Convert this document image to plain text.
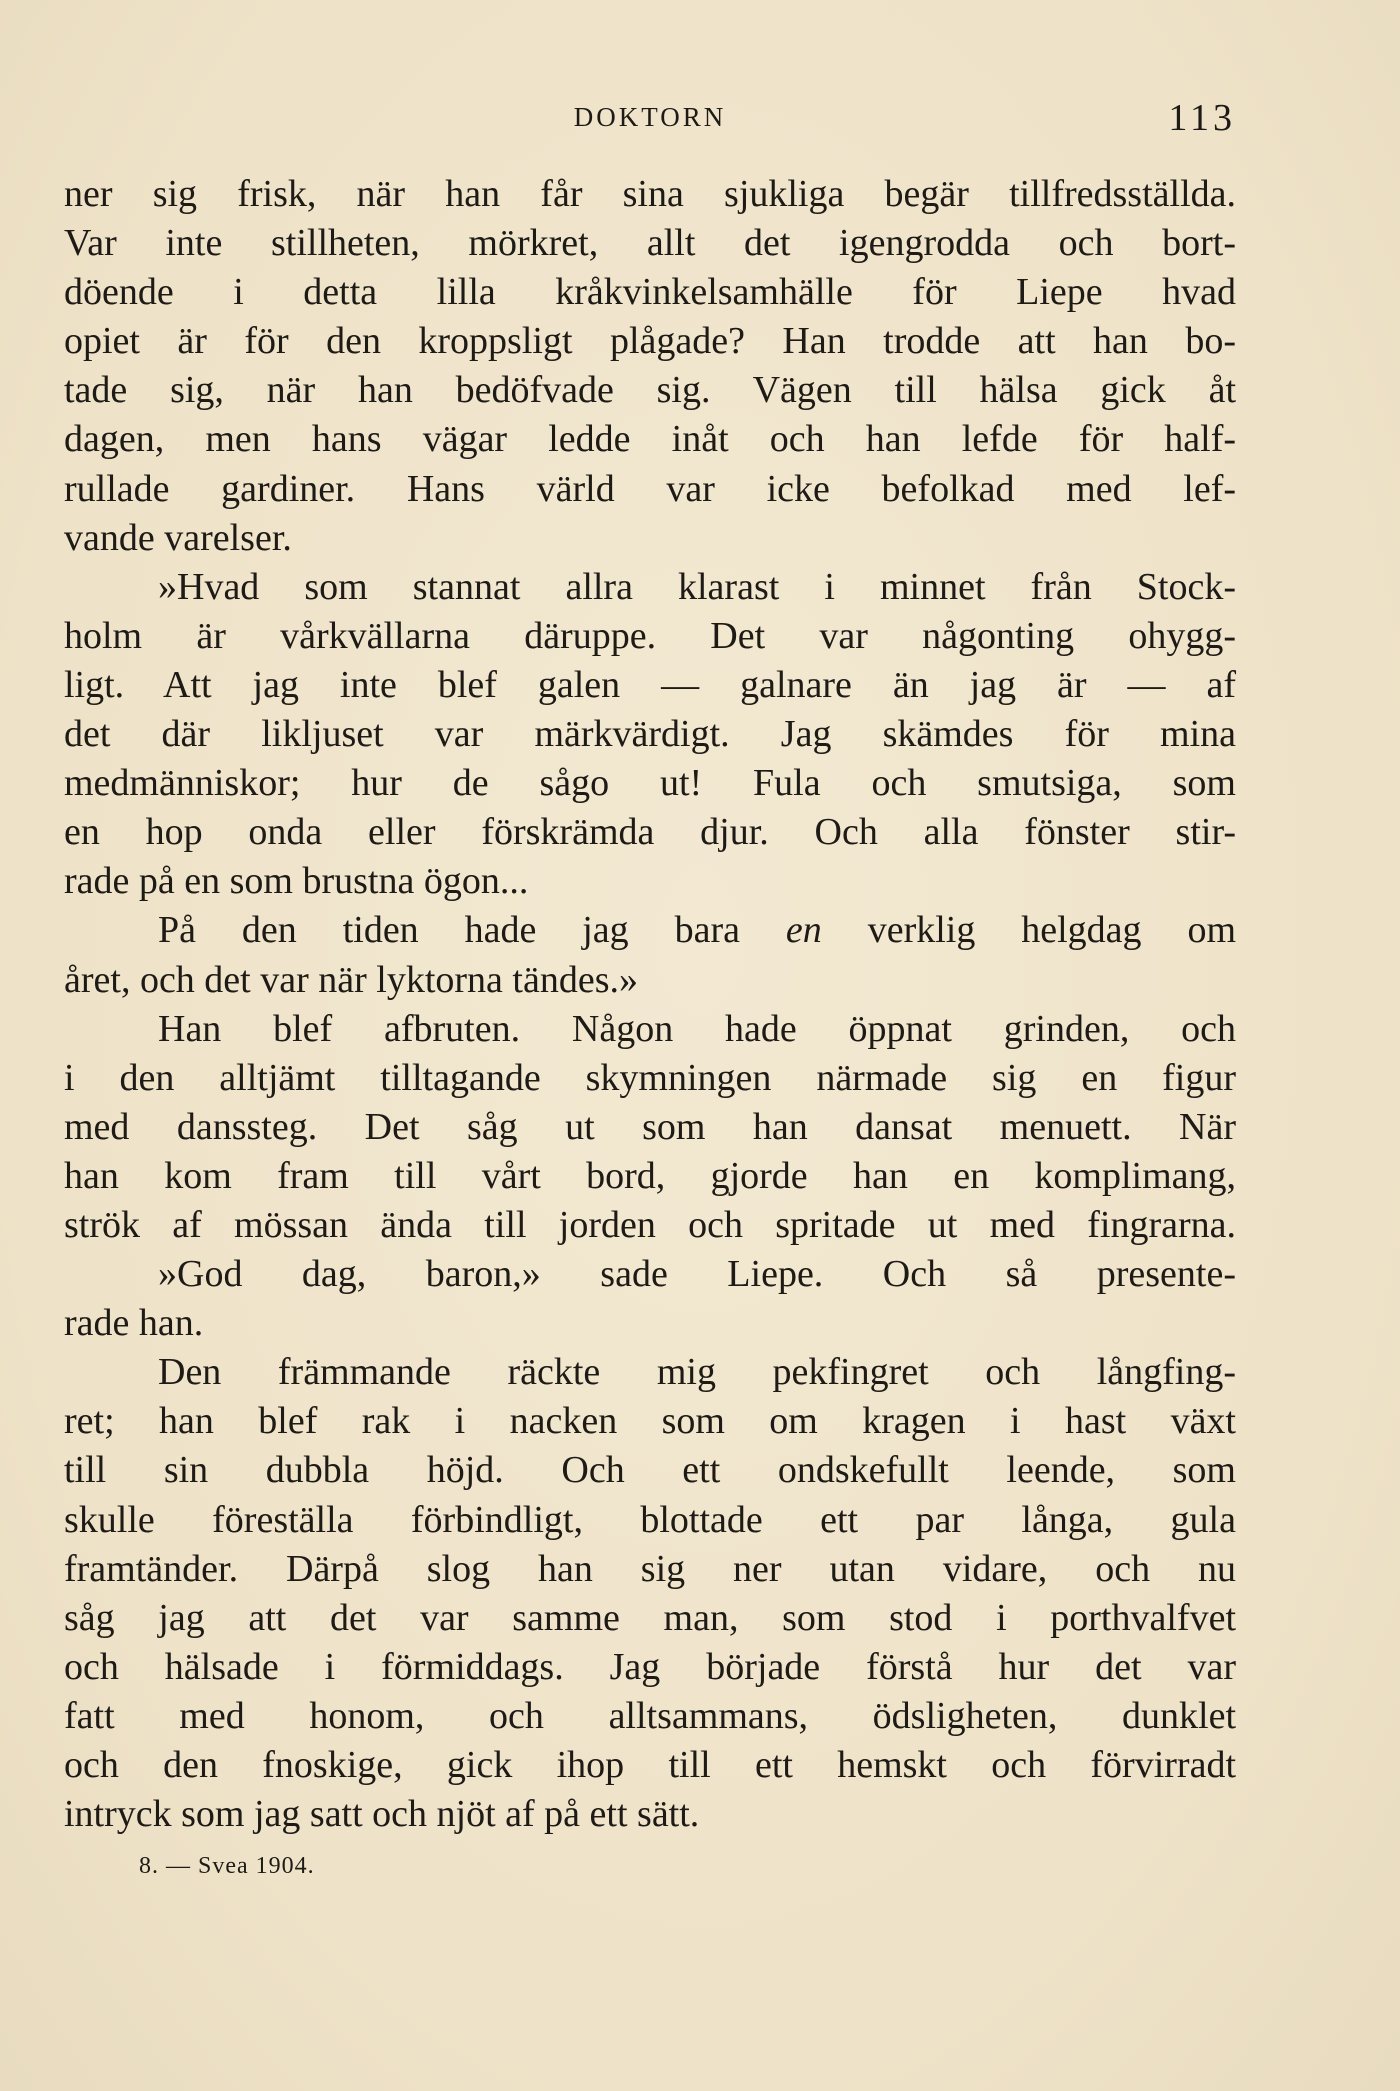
DOKTORN	113
ner sig frisk, när han får sina sjukliga begär tillfredsställda.
Var inte stillheten, mörkret, allt det igengrodda och bort-
döende i detta lilla kråkvinkelsamhälle för Liepe hvad
opiet är för den kroppsligt plågade? Han trodde att han bo-
tade sig, när han bedöfvade sig. Vägen till hälsa gick åt
dagen, men hans vägar ledde inåt och han lefde för half-
rullade gardiner. Hans värld var icke befolkad med lef-
vande varelser.
»Hvad som stannat allra klarast i minnet från Stock-
holm är vårkvällarna däruppe. Det var någonting ohygg-
ligt. Att jag inte blef galen — galnare än jag är — af
det där likljuset var märkvärdigt. Jag skämdes för mina
medmänniskor; hur de sågo ut! Fula och smutsiga, som
en hop onda eller förskrämda djur. Och alla fönster stir-
rade på en som brustna ögon...
På den tiden hade jag bara en verklig helgdag om
året, och det var när lyktorna tändes.»
Han blef afbruten. Någon hade öppnat grinden, och
i den alltjämt tilltagande skymningen närmade sig en figur
med danssteg. Det såg ut som han dansat menuett. När
han kom fram till vårt bord, gjorde han en komplimang,
strök af mössan ända till jorden och spritade ut med fingrarna.
»God dag, baron,» sade Liepe. Och så presente-
rade han.
Den främmande räckte mig pekfingret och långfing-
ret; han blef rak i nacken som om kragen i hast växt
till sin dubbla höjd. Och ett ondskefullt leende, som
skulle föreställa förbindligt, blottade ett par långa, gula
framtänder. Därpå slog han sig ner utan vidare, och nu
såg jag att det var samme man, som stod i porthvalfvet
och hälsade i förmiddags. Jag började förstå hur det var
fatt med honom, och alltsammans, ödsligheten, dunklet
och den fnoskige, gick ihop till ett hemskt och förvirradt
intryck som jag satt och njöt af på ett sätt.
8. — Svea 1904.
